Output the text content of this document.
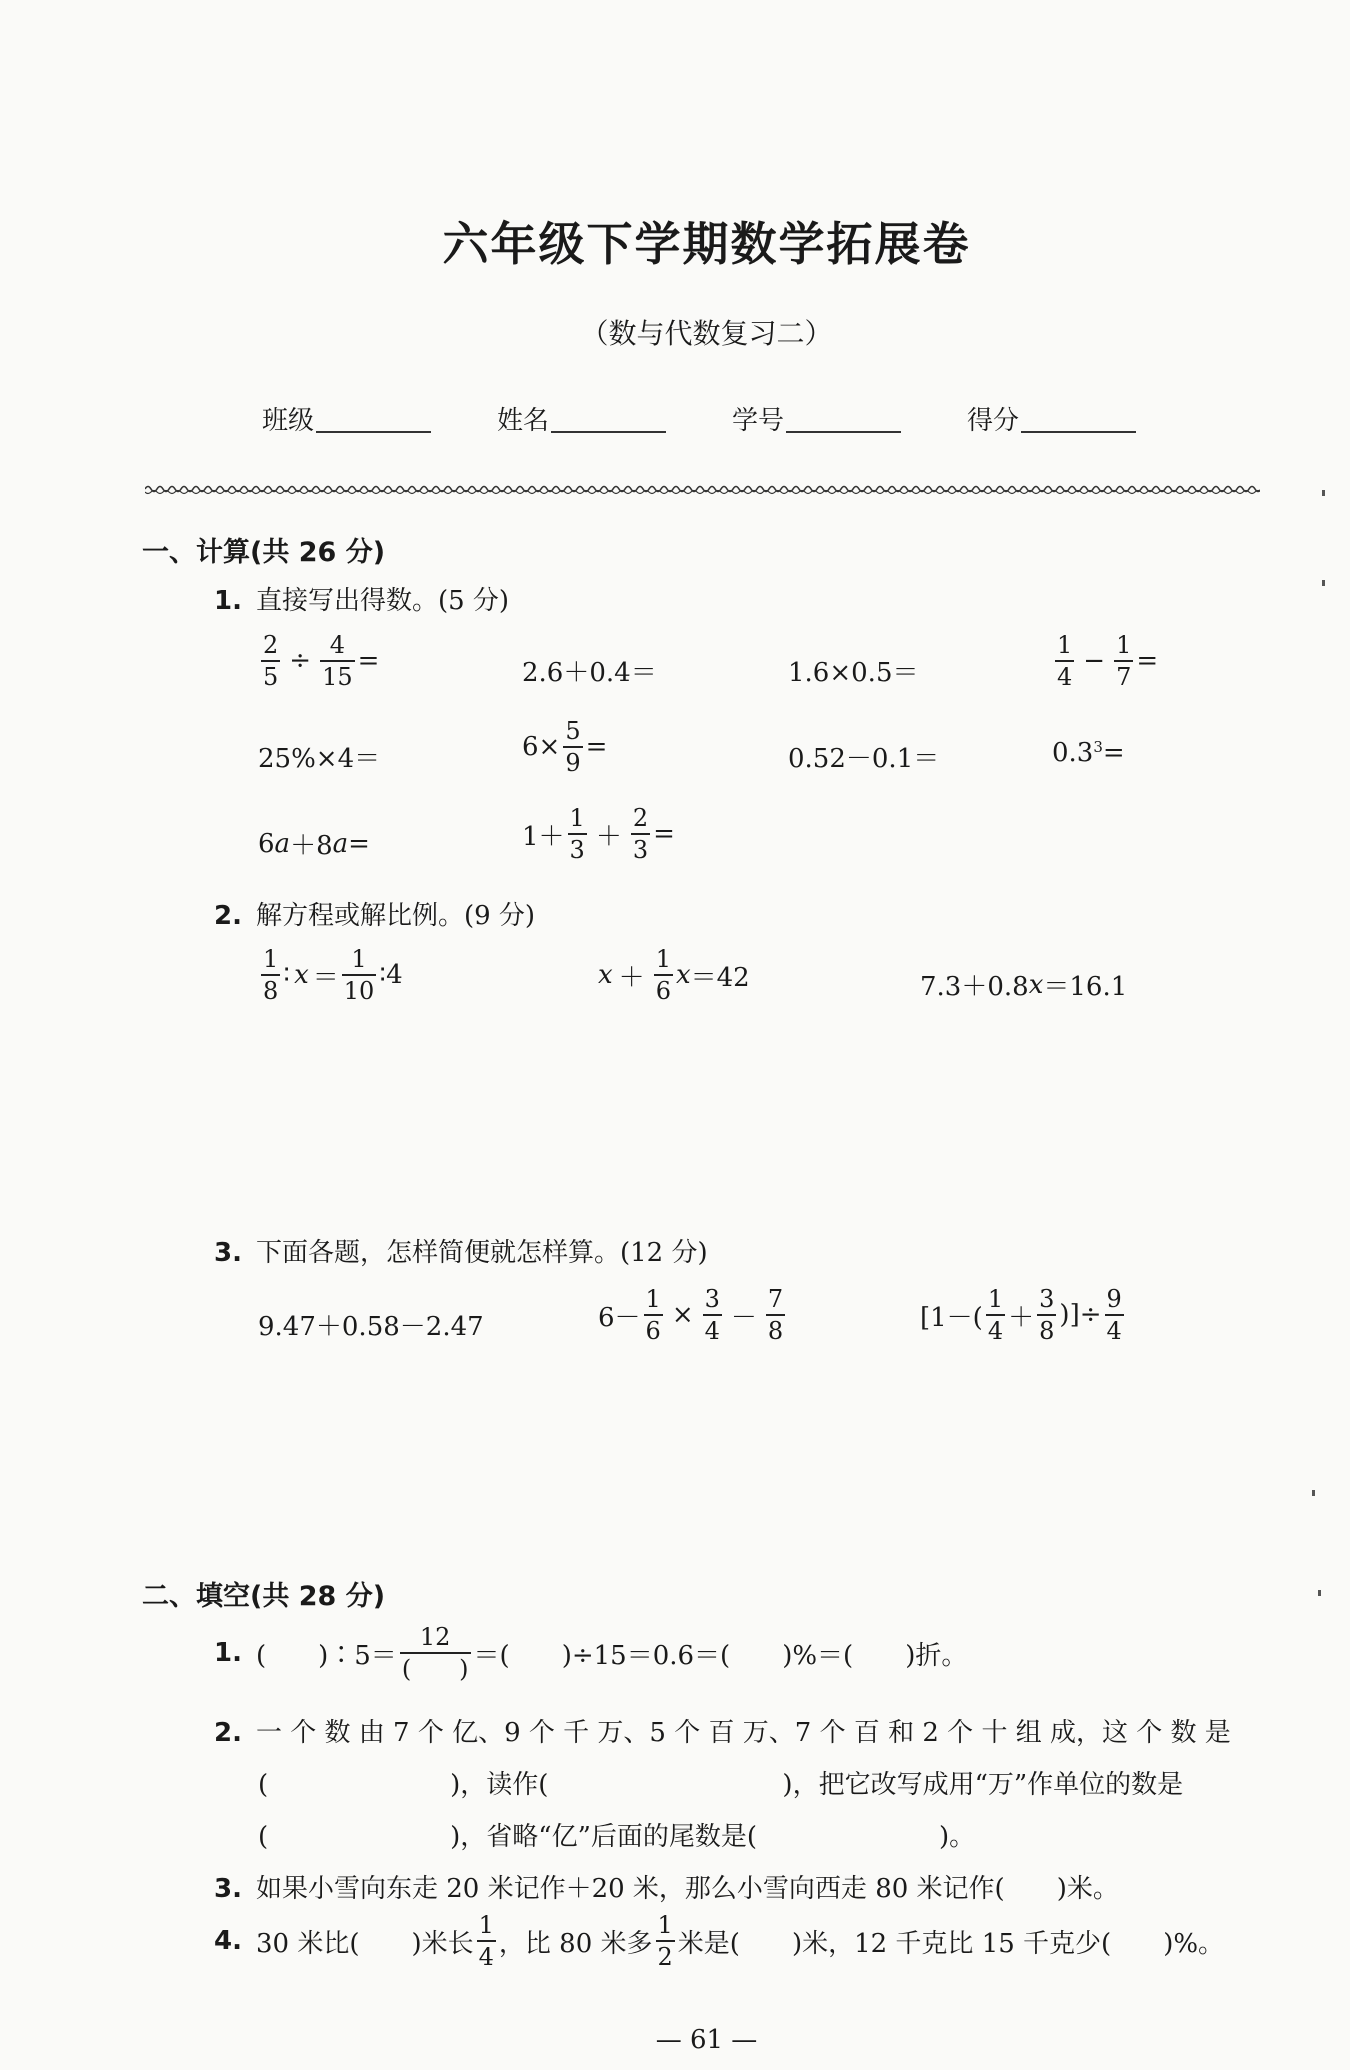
六年级下学期数学拓展卷
（数与代数复习二）
班级	姓名	学号	得分
一、计算(共 26 分)
1. 直接写出得数。(5 分)
$\frac{2}{5} \div \frac{4}{15}$ =	2.6＋0.4＝	1.6×0.5＝	$\frac{1}{4} - \frac{1}{7}$ =
25%×4＝	$6\times \frac{5}{9}$ =	0.52－0.1＝	$0.3^3$ =
6 a ＋8 a =	$1+ \frac{1}{3} + \frac{2}{3}$ =
2. 解方程或解比例。(9 分)
$\frac{1}{8}$ ∶ $x = \frac{1}{10}$ ∶4	$x + \frac{1}{6}$ x ＝42	7.3＋0.8 x ＝16.1
3. 下面各题，怎样简便就怎样算。(12 分)
9.47＋0.58－2.47	$6- \frac{1}{6} \times \frac{3}{4} - \frac{7}{8}$	[$1-( \frac{1}{4} + \frac{3}{8}$ )]÷ $\frac{9}{4}$
二、填空(共 28 分)
1. (　　)∶5＝ $\frac{12}{( )}$ ＝(　　)÷15＝0.6＝(　　)%＝(　　)折。
2. 一 个 数 由 7 个 亿、9 个 千 万、5 个 百 万、7 个 百 和 2 个 十 组 成，这 个 数 是
(　　　　　　　)，读作(　　　　　　　　　)，把它改写成用“万”作单位的数是
(　　　　　　　)，省略“亿”后面的尾数是(　　　　　　　)。
3. 如果小雪向东走 20 米记作＋20 米，那么小雪向西走 80 米记作(　　)米。
4. 30 米比(　　)米长 $\frac{1}{4}$ ，比 80 米多 $\frac{1}{2}$ 米是(　　)米，12 千克比 15 千克少(　　)%。
— 61 —
